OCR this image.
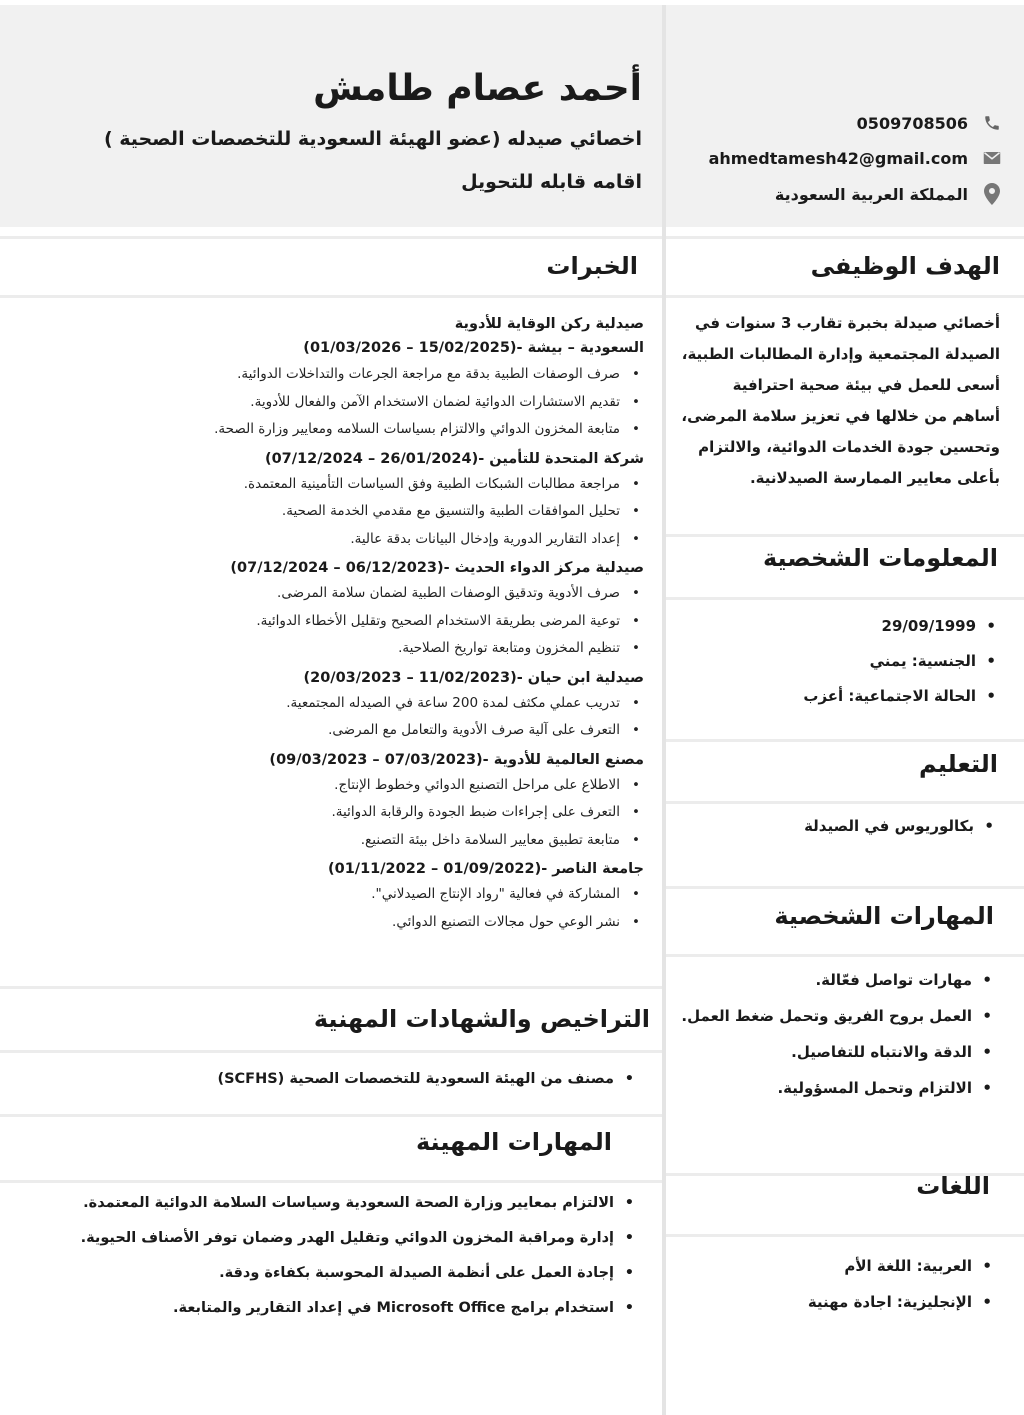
أحمد عصام طامش
اخصائي صيدله (عضو الهيئة السعودية للتخصصات الصحية )
اقامه قابله للتحويل
0509708506
ahmedtamesh42@gmail.com
المملكة العربية السعودية
الهدف الوظيفى
أخصائي صيدلة بخبرة تقارب 3 سنوات في الصيدلة المجتمعية وإدارة المطالبات الطبية، أسعى للعمل في بيئة صحية احترافية أساهم من خلالها في تعزيز سلامة المرضى، وتحسين جودة الخدمات الدوائية، والالتزام بأعلى معايير الممارسة الصيدلانية.
المعلومات الشخصية
• 29/09/1999
• الجنسية: يمني
• الحالة الاجتماعية: أعزب
التعليم
• بكالوريوس في الصيدلة
المهارات الشخصية
• مهارات تواصل فعّالة.
• العمل بروح الفريق وتحمل ضغط العمل.
• الدقة والانتباه للتفاصيل.
• الالتزام وتحمل المسؤولية.
اللغات
• العربية: اللغة الأم
• الإنجليزية: اجادة مهنية
الخبرات
صيدلية ركن الوقاية للأدوية
السعودية – بيشة -(15/02/2025 – 01/03/2026)
• صرف الوصفات الطبية بدقة مع مراجعة الجرعات والتداخلات الدوائية.
• تقديم الاستشارات الدوائية لضمان الاستخدام الآمن والفعال للأدوية.
• متابعة المخزون الدوائي والالتزام بسياسات السلامه ومعايير وزارة الصحة.
شركة المتحدة للتأمين -(26/01/2024 – 07/12/2024)
• مراجعة مطالبات الشبكات الطبية وفق السياسات التأمينية المعتمدة.
• تحليل الموافقات الطبية والتنسيق مع مقدمي الخدمة الصحية.
• إعداد التقارير الدورية وإدخال البيانات بدقة عالية.
صيدلية مركز الدواء الحديث -(06/12/2023 – 07/12/2024)
• صرف الأدوية وتدقيق الوصفات الطبية لضمان سلامة المرضى.
• توعية المرضى بطريقة الاستخدام الصحيح وتقليل الأخطاء الدوائية.
• تنظيم المخزون ومتابعة تواريخ الصلاحية.
صيدلية ابن حيان -(11/02/2023 – 20/03/2023)
• تدريب عملي مكثف لمدة 200 ساعة في الصيدله المجتمعية.
• التعرف على آلية صرف الأدوية والتعامل مع المرضى.
مصنع العالمية للأدوية -(07/03/2023 – 09/03/2023)
• الاطلاع على مراحل التصنيع الدوائي وخطوط الإنتاج.
• التعرف على إجراءات ضبط الجودة والرقابة الدوائية.
• متابعة تطبيق معايير السلامة داخل بيئة التصنيع.
جامعة الناصر -(01/09/2022 – 01/11/2022)
• المشاركة في فعالية "رواد الإنتاج الصيدلاني".
• نشر الوعي حول مجالات التصنيع الدوائي.
التراخيص والشهادات المهنية
• مصنف من الهيئة السعودية للتخصصات الصحية (SCFHS)
المهارات المهينة
• الالتزام بمعايير وزارة الصحة السعودية وسياسات السلامة الدوائية المعتمدة.
• إدارة ومراقبة المخزون الدوائي وتقليل الهدر وضمان توفر الأصناف الحيوية.
• إجادة العمل على أنظمة الصيدلة المحوسبة بكفاءة ودقة.
• استخدام برامج Microsoft Office في إعداد التقارير والمتابعة.
